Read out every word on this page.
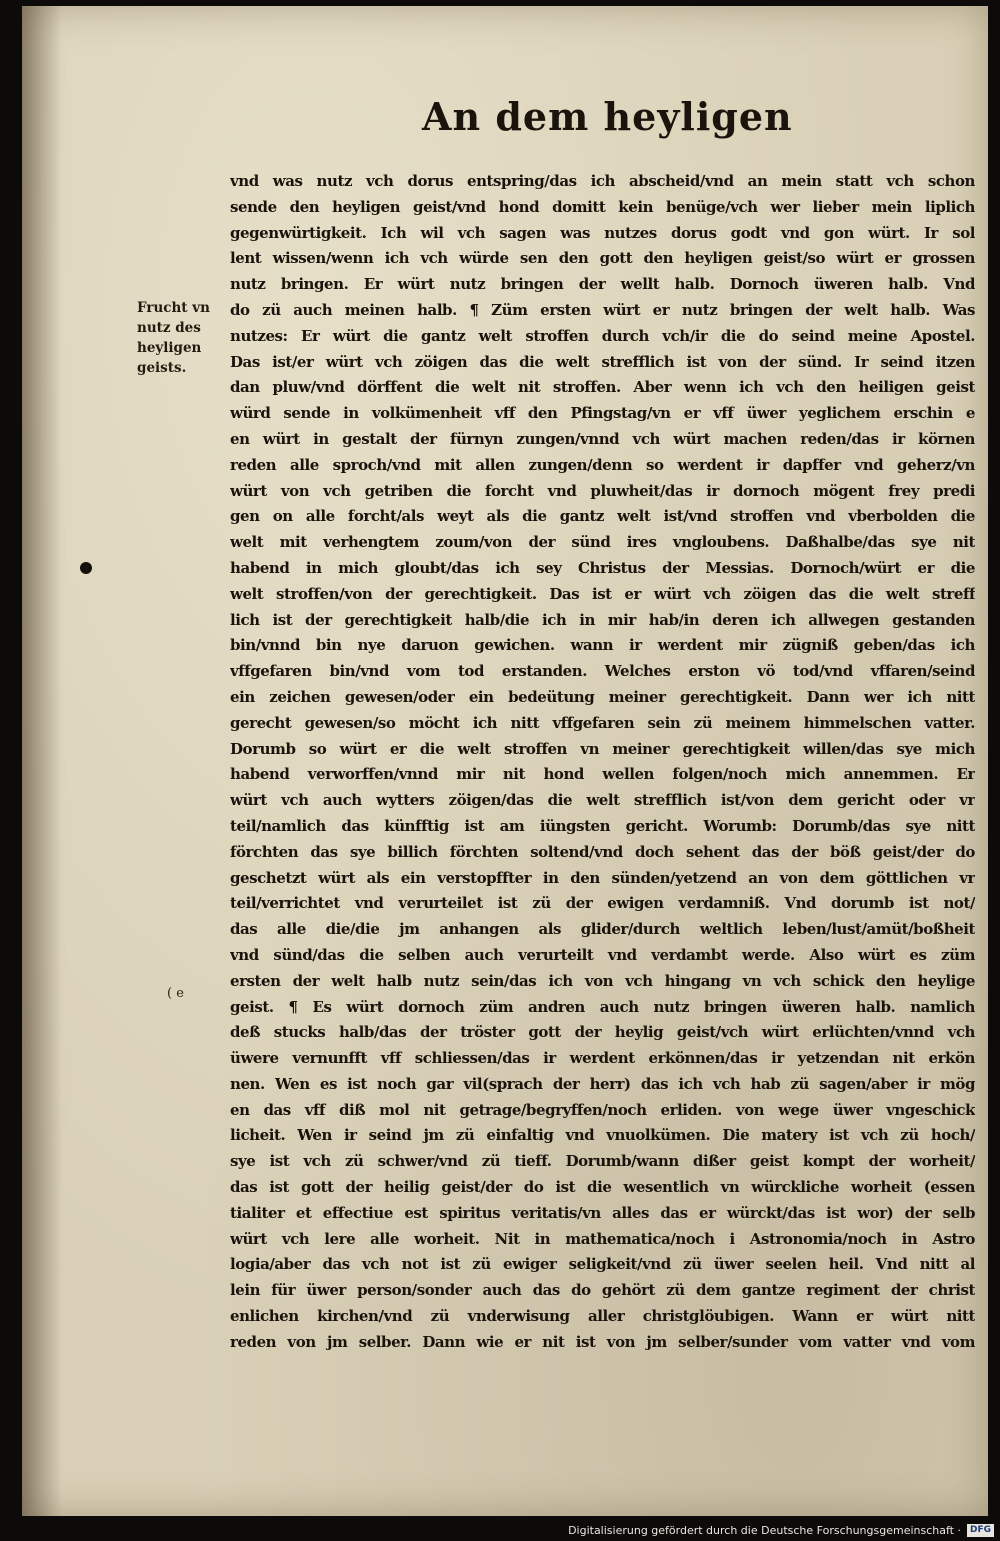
An dem heyligen
Frucht vn
nutz des
heyligen
geists.
( e
vnd was nutz vch dorus entspring/das ich abscheid/vnd an mein statt vch schon
sende den heyligen geist/vnd hond domitt kein benüge/vch wer lieber mein liplich
gegenwürtigkeit. Ich wil vch sagen was nutzes dorus godt vnd gon würt. Ir sol
lent wissen/wenn ich vch würde sen den gott den heyligen geist/so würt er grossen
nutz bringen. Er würt nutz bringen der wellt halb. Dornoch üweren halb. Vnd
do zü auch meinen halb. ¶ Züm ersten würt er nutz bringen der welt halb. Was
nutzes: Er würt die gantz welt stroffen durch vch/ir die do seind meine Apostel.
Das ist/er würt vch zöigen das die welt strefflich ist von der sünd. Ir seind itzen
dan pluw/vnd dörffent die welt nit stroffen. Aber wenn ich vch den heiligen geist
würd sende in volkümenheit vff den Pfingstag/vn er vff üwer yeglichem erschin e
en würt in gestalt der fürnyn zungen/vnnd vch würt machen reden/das ir körnen
reden alle sproch/vnd mit allen zungen/denn so werdent ir dapffer vnd geherz/vn
würt von vch getriben die forcht vnd pluwheit/das ir dornoch mögent frey predi
gen on alle forcht/als weyt als die gantz welt ist/vnd stroffen vnd vberbolden die
welt mit verhengtem zoum/von der sünd ires vngloubens. Daßhalbe/das sye nit
habend in mich gloubt/das ich sey Christus der Messias. Dornoch/würt er die
welt stroffen/von der gerechtigkeit. Das ist er würt vch zöigen das die welt streff
lich ist der gerechtigkeit halb/die ich in mir hab/in deren ich allwegen gestanden
bin/vnnd bin nye daruon gewichen. wann ir werdent mir zügniß geben/das ich
vffgefaren bin/vnd vom tod erstanden. Welches erston vö tod/vnd vffaren/seind
ein zeichen gewesen/oder ein bedeütung meiner gerechtigkeit. Dann wer ich nitt
gerecht gewesen/so möcht ich nitt vffgefaren sein zü meinem himmelschen vatter.
Dorumb so würt er die welt stroffen vn meiner gerechtigkeit willen/das sye mich
habend verworffen/vnnd mir nit hond wellen folgen/noch mich annemmen. Er
würt vch auch wytters zöigen/das die welt strefflich ist/von dem gericht oder vr
teil/namlich das künfftig ist am iüngsten gericht. Worumb: Dorumb/das sye nitt
förchten das sye billich förchten soltend/vnd doch sehent das der böß geist/der do
geschetzt würt als ein verstopffter in den sünden/yetzend an von dem göttlichen vr
teil/verrichtet vnd verurteilet ist zü der ewigen verdamniß. Vnd dorumb ist not/
das alle die/die jm anhangen als glider/durch weltlich leben/lust/amüt/boßheit
vnd sünd/das die selben auch verurteilt vnd verdambt werde. Also würt es züm
ersten der welt halb nutz sein/das ich von vch hingang vn vch schick den heylige
geist. ¶ Es würt dornoch züm andren auch nutz bringen üweren halb. namlich
deß stucks halb/das der tröster gott der heylig geist/vch würt erlüchten/vnnd vch
üwere vernunfft vff schliessen/das ir werdent erkönnen/das ir yetzendan nit erkön
nen. Wen es ist noch gar vil(sprach der herr) das ich vch hab zü sagen/aber ir mög
en das vff diß mol nit getrage/begryffen/noch erliden. von wege üwer vngeschick
licheit. Wen ir seind jm zü einfaltig vnd vnuolkümen. Die matery ist vch zü hoch/
sye ist vch zü schwer/vnd zü tieff. Dorumb/wann dißer geist kompt der worheit/
das ist gott der heilig geist/der do ist die wesentlich vn würckliche worheit (essen
tialiter et effectiue est spiritus veritatis/vn alles das er würckt/das ist wor) der selb
würt vch lere alle worheit. Nit in mathematica/noch i Astronomia/noch in Astro
logia/aber das vch not ist zü ewiger seligkeit/vnd zü üwer seelen heil. Vnd nitt al
lein für üwer person/sonder auch das do gehört zü dem gantze regiment der christ
enlichen kirchen/vnd zü vnderwisung aller christglöubigen. Wann er würt nitt
reden von jm selber. Dann wie er nit ist von jm selber/sunder vom vatter vnd vom
Digitalisierung gefördert durch die Deutsche Forschungsgemeinschaft ·	DFG
